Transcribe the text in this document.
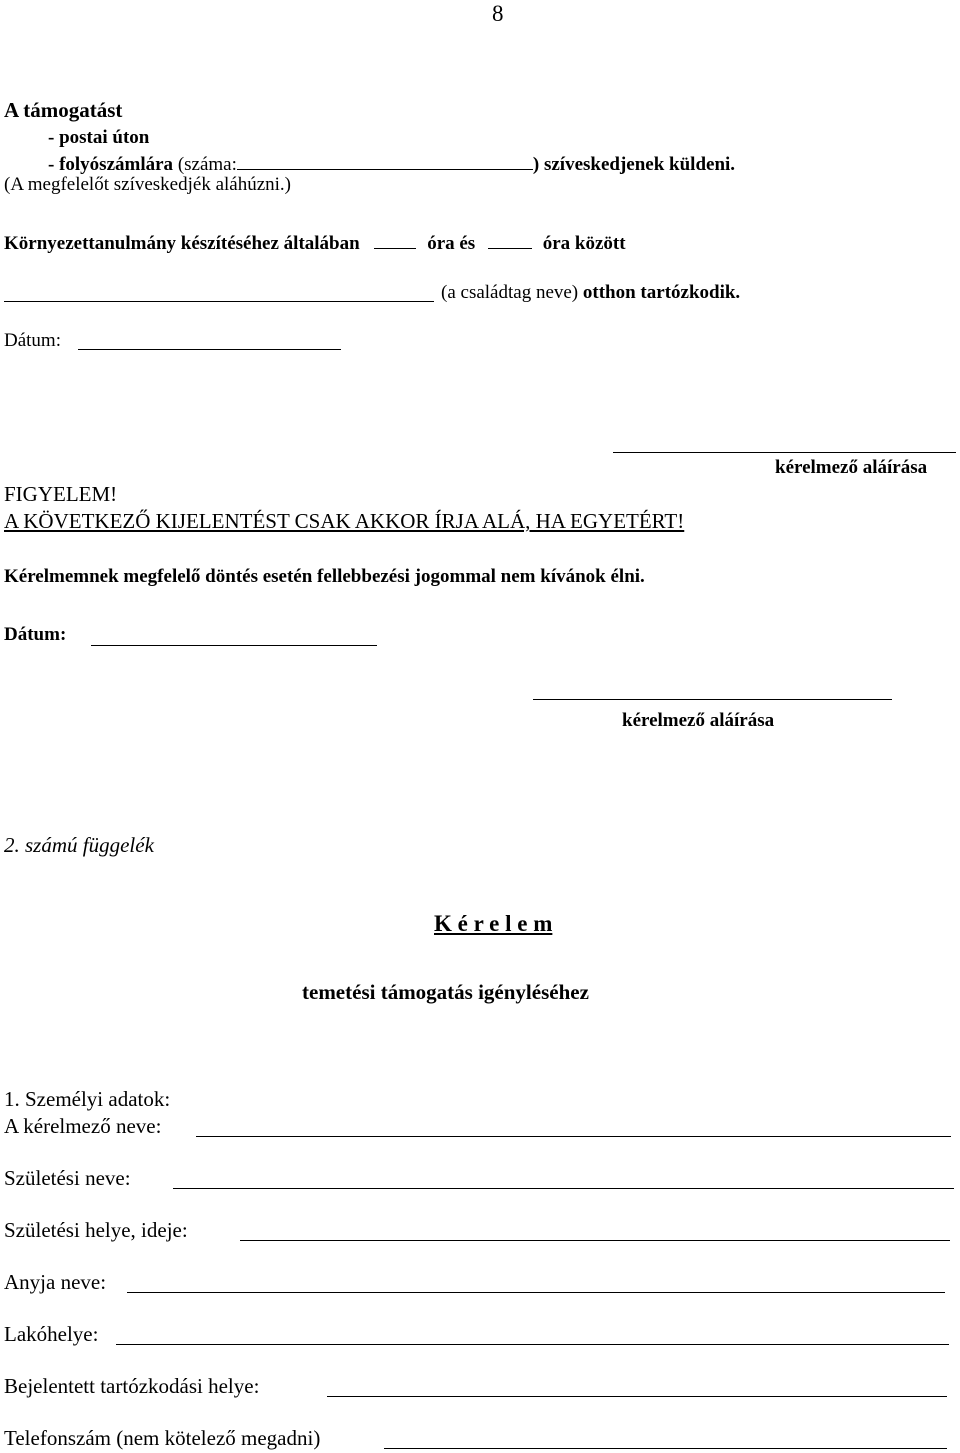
8
A támogatást
- postai úton
- folyószámlára (száma:	) szíveskedjenek küldeni.
(A megfelelőt szíveskedjék aláhúzni.)
Környezettanulmány készítéséhez általában	óra és	óra között
(a családtag neve) otthon tartózkodik.
Dátum:
kérelmező aláírása
FIGYELEM!
A KÖVETKEZŐ KIJELENTÉST CSAK AKKOR ÍRJA ALÁ, HA EGYETÉRT!
Kérelmemnek megfelelő döntés esetén fellebbezési jogommal nem kívánok élni.
Dátum:
kérelmező aláírása
2. számú függelék
K é r e l e m
temetési támogatás igényléséhez
1. Személyi adatok:
A kérelmező neve:
Születési neve:
Születési helye, ideje:
Anyja neve:
Lakóhelye:
Bejelentett tartózkodási helye:
Telefonszám (nem kötelező megadni)
